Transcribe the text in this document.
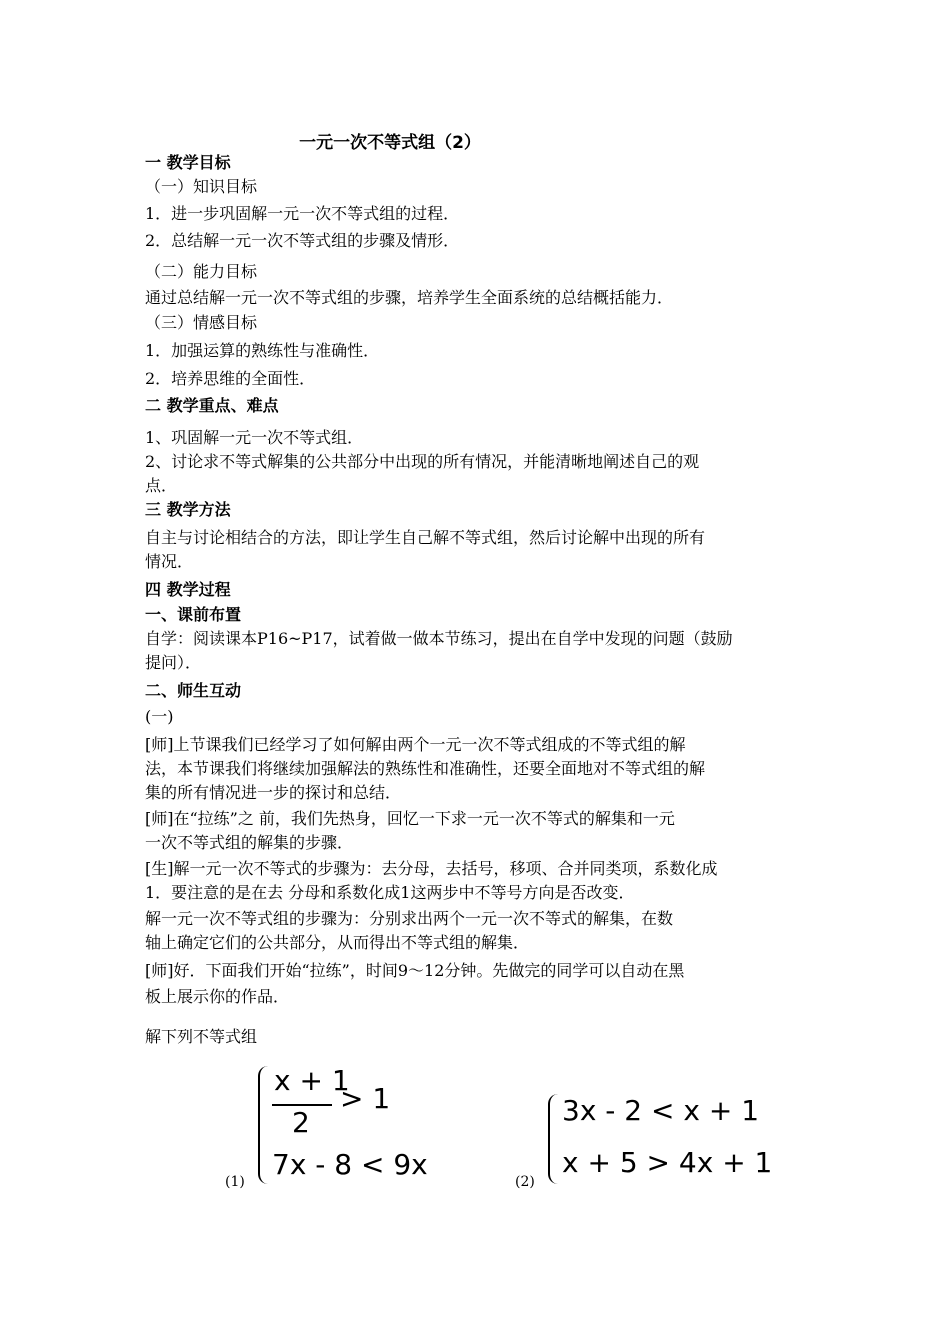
一元一次不等式组（2）
一 教学目标
（一）知识目标
1．进一步巩固解一元一次不等式组的过程．
2．总结解一元一次不等式组的步骤及情形．
（二）能力目标
通过总结解一元一次不等式组的步骤，培养学生全面系统的总结概括能力．
（三）情感目标
1．加强运算的熟练性与准确性．
2．培养思维的全面性．
二 教学重点、难点
1、巩固解一元一次不等式组．
2、讨论求不等式解集的公共部分中出现的所有情况，并能清晰地阐述自己的观
点．
三 教学方法
自主与讨论相结合的方法，即让学生自己解不等式组，然后讨论解中出现的所有
情况．
四 教学过程
一、课前布置
自学：阅读课本P16~P17，试着做一做本节练习，提出在自学中发现的问题（鼓励
提问）．
二、师生互动
(一)
[师]上节课我们已经学习了如何解由两个一元一次不等式组成的不等式组的解
法，本节课我们将继续加强解法的熟练性和准确性，还要全面地对不等式组的解
集的所有情况进一步的探讨和总结．
[师]在“拉练”之 前，我们先热身，回忆一下求一元一次不等式的解集和一元
一次不等式组的解集的步骤．
[生]解一元一次不等式的步骤为：去分母，去括号，移项、合并同类项，系数化成
1．要注意的是在去 分母和系数化成1这两步中不等号方向是否改变．
解一元一次不等式组的步骤为：分别求出两个一元一次不等式的解集，在数
轴上确定它们的公共部分，从而得出不等式组的解集．
[师]好．下面我们开始“拉练”，时间9～12分钟。先做完的同学可以自动在黑
板上展示你的作品．
解下列不等式组
x + 1
2
> 1
7x - 8 < 9x
(1)
3x - 2 < x + 1
x + 5 > 4x + 1
(2)
